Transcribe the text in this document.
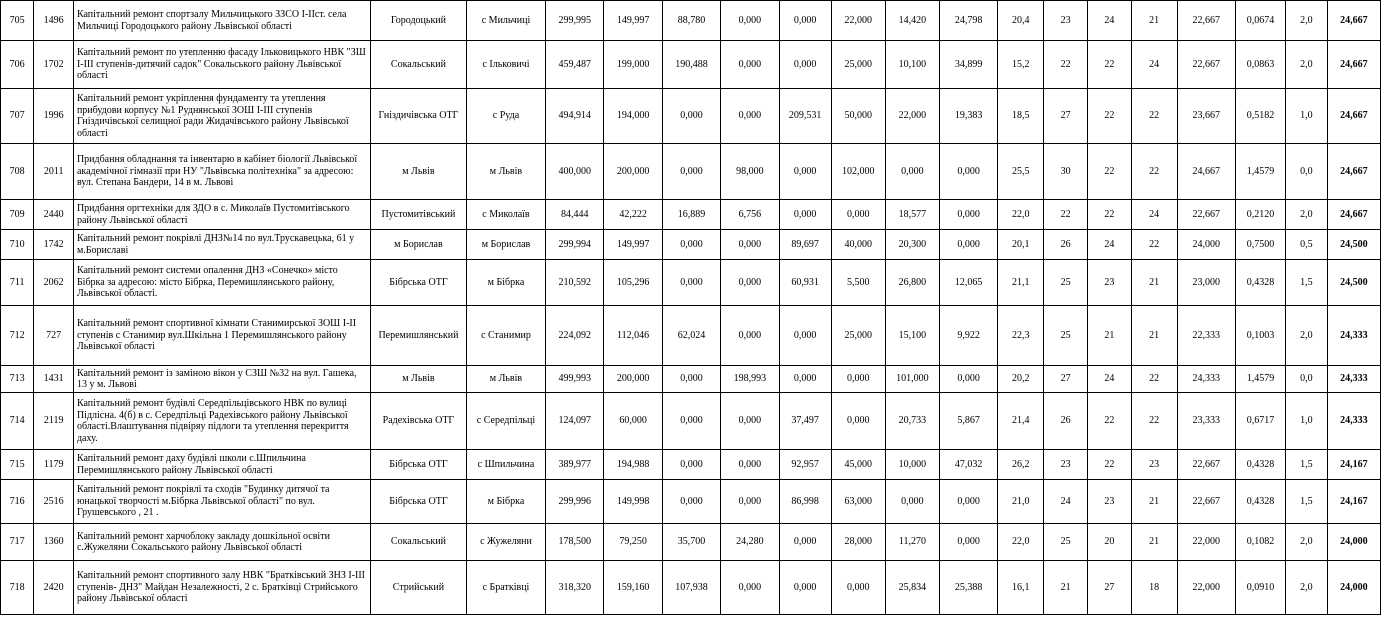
705	1496	Капітальний ремонт спортзалу Мильчицького ЗЗСО І-ІІст. села Мильчиці Городоцького району Львівської області	Городоцький	с Мильчиці	299,995	149,997	88,780	0,000	0,000	22,000	14,420	24,798	20,4	23	24	21	22,667	0,0674	2,0	24,667
706	1702	Капітальний ремонт по утепленню фасаду Ільковицького НВК "ЗШ І-ІІІ ступенів-дитячий садок" Сокальського району Львівської області	Сокальський	с Ільковичі	459,487	199,000	190,488	0,000	0,000	25,000	10,100	34,899	15,2	22	22	24	22,667	0,0863	2,0	24,667
707	1996	Капітальний ремонт укріплення фундаменту та утеплення прибудови корпусу №1 Руднянської ЗОШ І-ІІІ ступенів Гніздичівської селищної ради Жидачівського району Львівської області	Гніздичівська ОТГ	с Руда	494,914	194,000	0,000	0,000	209,531	50,000	22,000	19,383	18,5	27	22	22	23,667	0,5182	1,0	24,667
708	2011	Придбання обладнання та інвентарю в кабінет біології Львівської академічної гімназії при НУ "Львівська політехніка" за адресою: вул. Степана Бандери, 14 в м. Львові	м Львів	м Львів	400,000	200,000	0,000	98,000	0,000	102,000	0,000	0,000	25,5	30	22	22	24,667	1,4579	0,0	24,667
709	2440	Придбання оргтехніки для ЗДО в с. Миколаїв Пустомитівського району Львівської області	Пустомитівський	с Миколаїв	84,444	42,222	16,889	6,756	0,000	0,000	18,577	0,000	22,0	22	22	24	22,667	0,2120	2,0	24,667
710	1742	Капітальний ремонт покрівлі ДНЗ№14 по вул.Трускавецька, 61 у м.Бориславі	м Борислав	м Борислав	299,994	149,997	0,000	0,000	89,697	40,000	20,300	0,000	20,1	26	24	22	24,000	0,7500	0,5	24,500
711	2062	Капітальний ремонт системи опалення ДНЗ «Сонечко» місто Бібрка за адресою: місто Бібрка, Перемишлянського району, Львівської області.	Бібрська ОТГ	м Бібрка	210,592	105,296	0,000	0,000	60,931	5,500	26,800	12,065	21,1	25	23	21	23,000	0,4328	1,5	24,500
712	727	Капітальний ремонт спортивної кімнати Станимирської ЗОШ І-ІІ ступенів с Станимир вул.Шкільна 1 Перемишлянського району Львівської області	Перемишлянський	с Станимир	224,092	112,046	62,024	0,000	0,000	25,000	15,100	9,922	22,3	25	21	21	22,333	0,1003	2,0	24,333
713	1431	Капітальний ремонт із заміною вікон у СЗШ №32 на вул. Гашека, 13 у м. Львові	м Львів	м Львів	499,993	200,000	0,000	198,993	0,000	0,000	101,000	0,000	20,2	27	24	22	24,333	1,4579	0,0	24,333
714	2119	Капітальний ремонт будівлі Середпільцівського НВК по вулиці Підлісна. 4(б) в с. Середпільці Радехівського району Львівської області.Влаштування підвіряу підлоги та утеплення перекриття даху.	Радехівська ОТГ	с Середпільці	124,097	60,000	0,000	0,000	37,497	0,000	20,733	5,867	21,4	26	22	22	23,333	0,6717	1,0	24,333
715	1179	Капітальний ремонт даху будівлі школи с.Шпильчина Перемишлянського району Львівської області	Бібрська ОТГ	с Шпильчина	389,977	194,988	0,000	0,000	92,957	45,000	10,000	47,032	26,2	23	22	23	22,667	0,4328	1,5	24,167
716	2516	Капітальний ремонт покрівлі та сходів "Будинку дитячої та юнацької творчості м.Бібрка Львівської області" по вул. Грушевського , 21 .	Бібрська ОТГ	м Бібрка	299,996	149,998	0,000	0,000	86,998	63,000	0,000	0,000	21,0	24	23	21	22,667	0,4328	1,5	24,167
717	1360	Капітальний ремонт харчоблоку закладу дошкільної освіти с.Жужеляни Сокальського району Львівської області	Сокальський	с Жужеляни	178,500	79,250	35,700	24,280	0,000	28,000	11,270	0,000	22,0	25	20	21	22,000	0,1082	2,0	24,000
718	2420	Капітальний ремонт спортивного залу НВК "Братківський ЗНЗ І-ІІІ ступенів- ДНЗ" Майдан Незалежності, 2 с. Братківці Стрийського району Львівської області	Стрийський	с Братківці	318,320	159,160	107,938	0,000	0,000	0,000	25,834	25,388	16,1	21	27	18	22,000	0,0910	2,0	24,000
